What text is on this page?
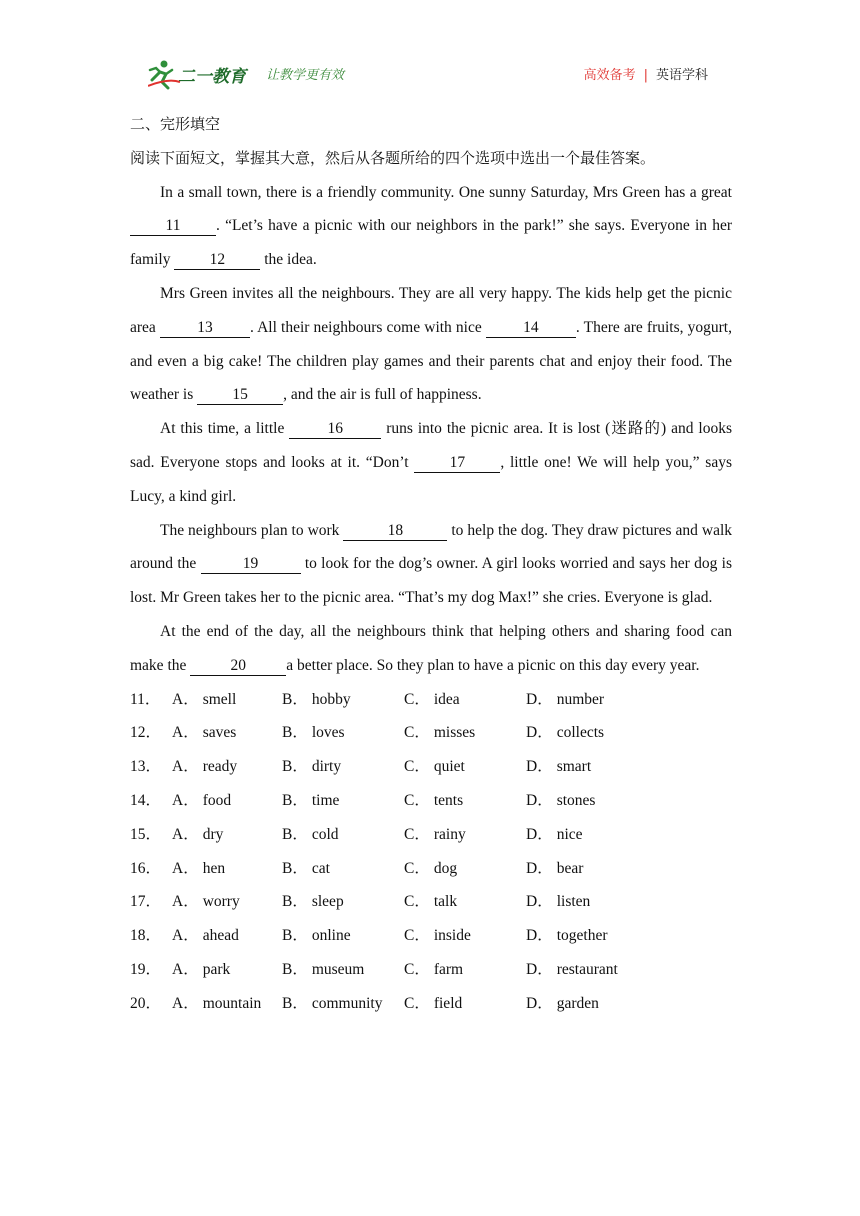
二一教育 让教学更有效	高效备考 | 英语学科
二、完形填空
阅读下面短文，掌握其大意，然后从各题所给的四个选项中选出一个最佳答案。

In a small town, there is a friendly community. One sunny Saturday, Mrs Green has a great 11 . “Let’s have a picnic with our neighbors in the park!” she says. Everyone in her family 12 the idea.

Mrs Green invites all the neighbours. They are all very happy. The kids help get the picnic area 13 . All their neighbours come with nice 14 . There are fruits, yogurt, and even a big cake! The children play games and their parents chat and enjoy their food. The weather is 15 , and the air is full of happiness.

At this time, a little 16 runs into the picnic area. It is lost (迷路的) and looks sad. Everyone stops and looks at it. “Don’t 17 , little one! We will help you,” says Lucy, a kind girl.

The neighbours plan to work	18	to help the dog. They draw pictures and walk around the	19	to look for the dog’s owner. A girl looks worried and says her dog is lost. Mr Green takes her to the picnic area. “That’s my dog Max!” she cries. Everyone is glad.

At the end of the day, all the neighbours think that helping others and sharing food can make the	20	a better place. So they plan to have a picnic on this day every year.

11． A． smell	B． hobby	C． idea	D． number
12． A． saves	B． loves	C． misses	D． collects
13． A． ready	B． dirty	C． quiet	D． smart
14． A． food	B． time	C． tents	D． stones
15． A． dry	B． cold	C． rainy	D． nice
16． A． hen	B． cat	C． dog	D． bear
17． A． worry	B． sleep	C． talk	D． listen
18． A． ahead	B． online	C． inside	D． together
19． A． park	B． museum	C． farm	D． restaurant
20． A． mountain B． community C． field	D． garden
